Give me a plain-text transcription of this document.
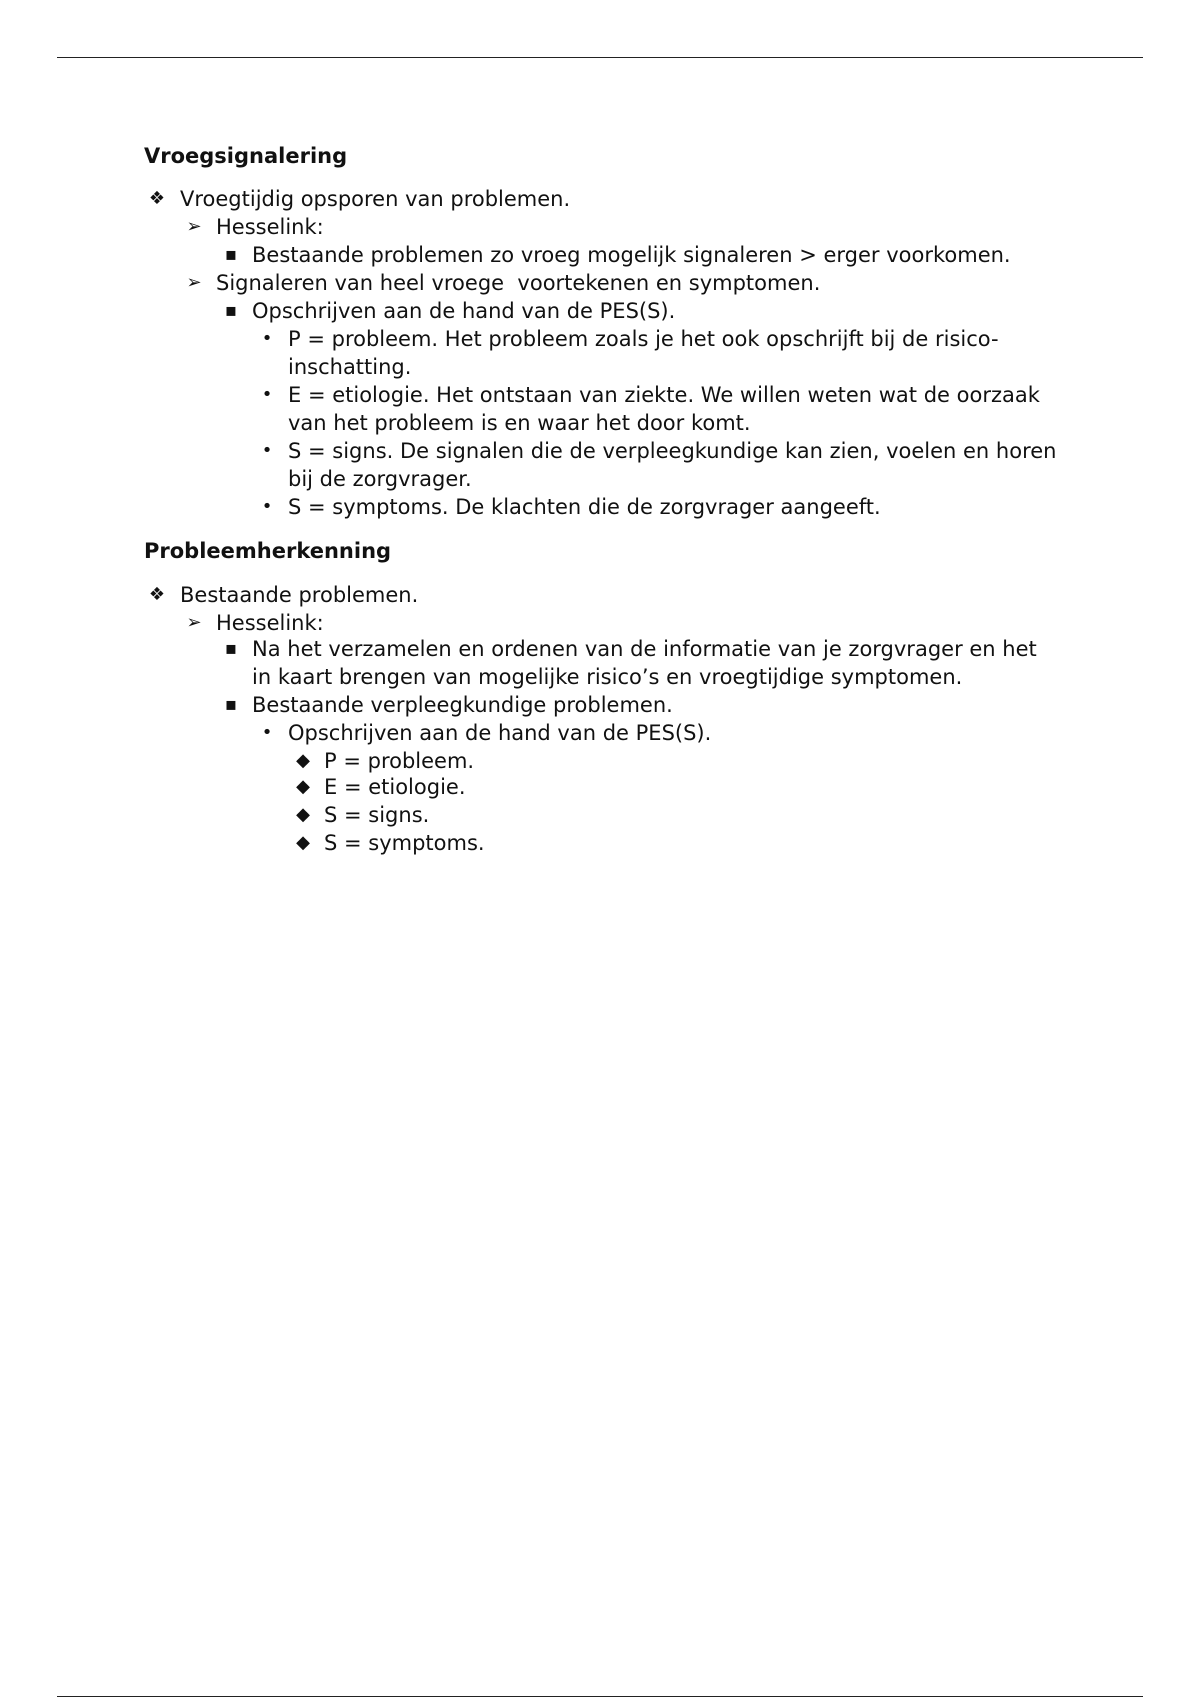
Vroegsignalering
❖ Vroegtijdig opsporen van problemen.
➢ Hesselink:
▪ Bestaande problemen zo vroeg mogelijk signaleren > erger voorkomen.
➢ Signaleren van heel vroege  voortekenen en symptomen.
▪ Opschrijven aan de hand van de PES(S).
• P = probleem. Het probleem zoals je het ook opschrijft bij de risico-inschatting.
• E = etiologie. Het ontstaan van ziekte. We willen weten wat de oorzaak van het probleem is en waar het door komt.
• S = signs. De signalen die de verpleegkundige kan zien, voelen en horen bij de zorgvrager.
• S = symptoms. De klachten die de zorgvrager aangeeft.
Probleemherkenning
❖ Bestaande problemen.
➢ Hesselink:
▪ Na het verzamelen en ordenen van de informatie van je zorgvrager en het in kaart brengen van mogelijke risico’s en vroegtijdige symptomen.
▪ Bestaande verpleegkundige problemen.
• Opschrijven aan de hand van de PES(S).
◆ P = probleem.
◆ E = etiologie.
◆ S = signs.
◆ S = symptoms.
